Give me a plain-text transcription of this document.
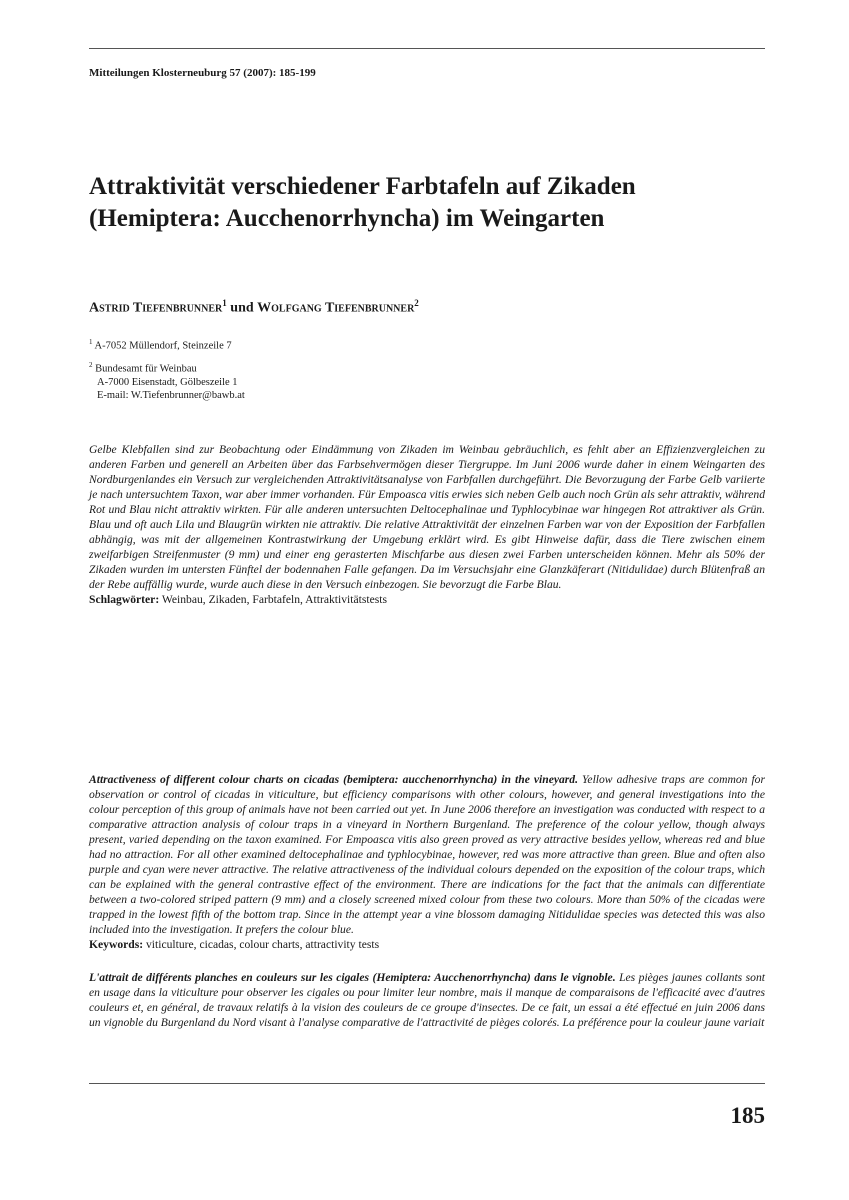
Mitteilungen Klosterneuburg 57 (2007): 185-199
Attraktivität verschiedener Farbtafeln auf Zikaden
(Hemiptera: Aucchenorrhyncha) im Weingarten
Astrid Tiefenbrunner$^1$ und Wolfgang Tiefenbrunner$^2$
$^1$ A-7052 Müllendorf, Steinzeile 7
$^2$ Bundesamt für Weinbau
A-7000 Eisenstadt, Gölbeszeile 1
E-mail: W.Tiefenbrunner@bawb.at

Gelbe Klebfallen sind zur Beobachtung oder Eindämmung von Zikaden im Weinbau gebräuchlich, es fehlt aber an Effizienzvergleichen zu anderen Farben und generell an Arbeiten über das Farbsehvermögen dieser Tiergruppe. Im Juni 2006 wurde daher in einem Weingarten des Nordburgenlandes ein Versuch zur vergleichenden Attraktivitätsanalyse von Farbfallen durchgeführt. Die Bevorzugung der Farbe Gelb variierte je nach untersuchtem Taxon, war aber immer vorhanden. Für Empoasca vitis erwies sich neben Gelb auch noch Grün als sehr attraktiv, während Rot und Blau nicht attraktiv wirkten. Für alle anderen untersuchten Deltocephalinae und Typhlocybinae war hingegen Rot attraktiver als Grün. Blau und oft auch Lila und Blaugrün wirkten nie attraktiv. Die relative Attraktivität der einzelnen Farben war von der Exposition der Farbfallen abhängig, was mit der allgemeinen Kontrastwirkung der Umgebung erklärt wird. Es gibt Hinweise dafür, dass die Tiere zwischen einem zweifarbigen Streifenmuster (9 mm) und einer eng gerasterten Mischfarbe aus diesen zwei Farben unterscheiden können. Mehr als 50% der Zikaden wurden im untersten Fünftel der bodennahen Falle gefangen. Da im Versuchsjahr eine Glanzkäferart (Nitidulidae) durch Blütenfraß an der Rebe auffällig wurde, wurde auch diese in den Versuch einbezogen. Sie bevorzugt die Farbe Blau.
Schlagwörter: Weinbau, Zikaden, Farbtafeln, Attraktivitätstests

Attractiveness of different colour charts on cicadas (bemiptera: aucchenorrhyncha) in the vineyard. Yellow adhesive traps are common for observation or control of cicadas in viticulture, but efficiency comparisons with other colours, however, and general investigations into the colour perception of this group of animals have not been carried out yet. In June 2006 therefore an investigation was conducted with respect to a comparative attraction analysis of colour traps in a vineyard in Northern Burgenland. The preference of the colour yellow, though always present, varied depending on the taxon examined. For Empoasca vitis also green proved as very attractive besides yellow, whereas red and blue had no attraction. For all other examined deltocephalinae and typhlocybinae, however, red was more attractive than green. Blue and often also purple and cyan were never attractive. The relative attractiveness of the individual colours depended on the exposition of the colour traps, which can be explained with the general contrastive effect of the environment. There are indications for the fact that the animals can differentiate between a two-colored striped pattern (9 mm) and a closely screened mixed colour from these two colours. More than 50% of the cicadas were trapped in the lowest fifth of the bottom trap. Since in the attempt year a vine blossom damaging Nitidulidae species was detected this was also included into the investigation. It prefers the colour blue.
Keywords: viticulture, cicadas, colour charts, attractivity tests

L'attrait de différents planches en couleurs sur les cigales (Hemiptera: Aucchenorrhyncha) dans le vignoble. Les pièges jaunes collants sont en usage dans la viticulture pour observer les cigales ou pour limiter leur nombre, mais il manque de comparaisons de l'efficacité avec d'autres couleurs et, en général, de travaux relatifs à la vision des couleurs de ce groupe d'insectes. De ce fait, un essai a été effectué en juin 2006 dans un vignoble du Burgenland du Nord visant à l'analyse comparative de l'attractivité de pièges colorés. La préférence pour la couleur jaune variait

185
